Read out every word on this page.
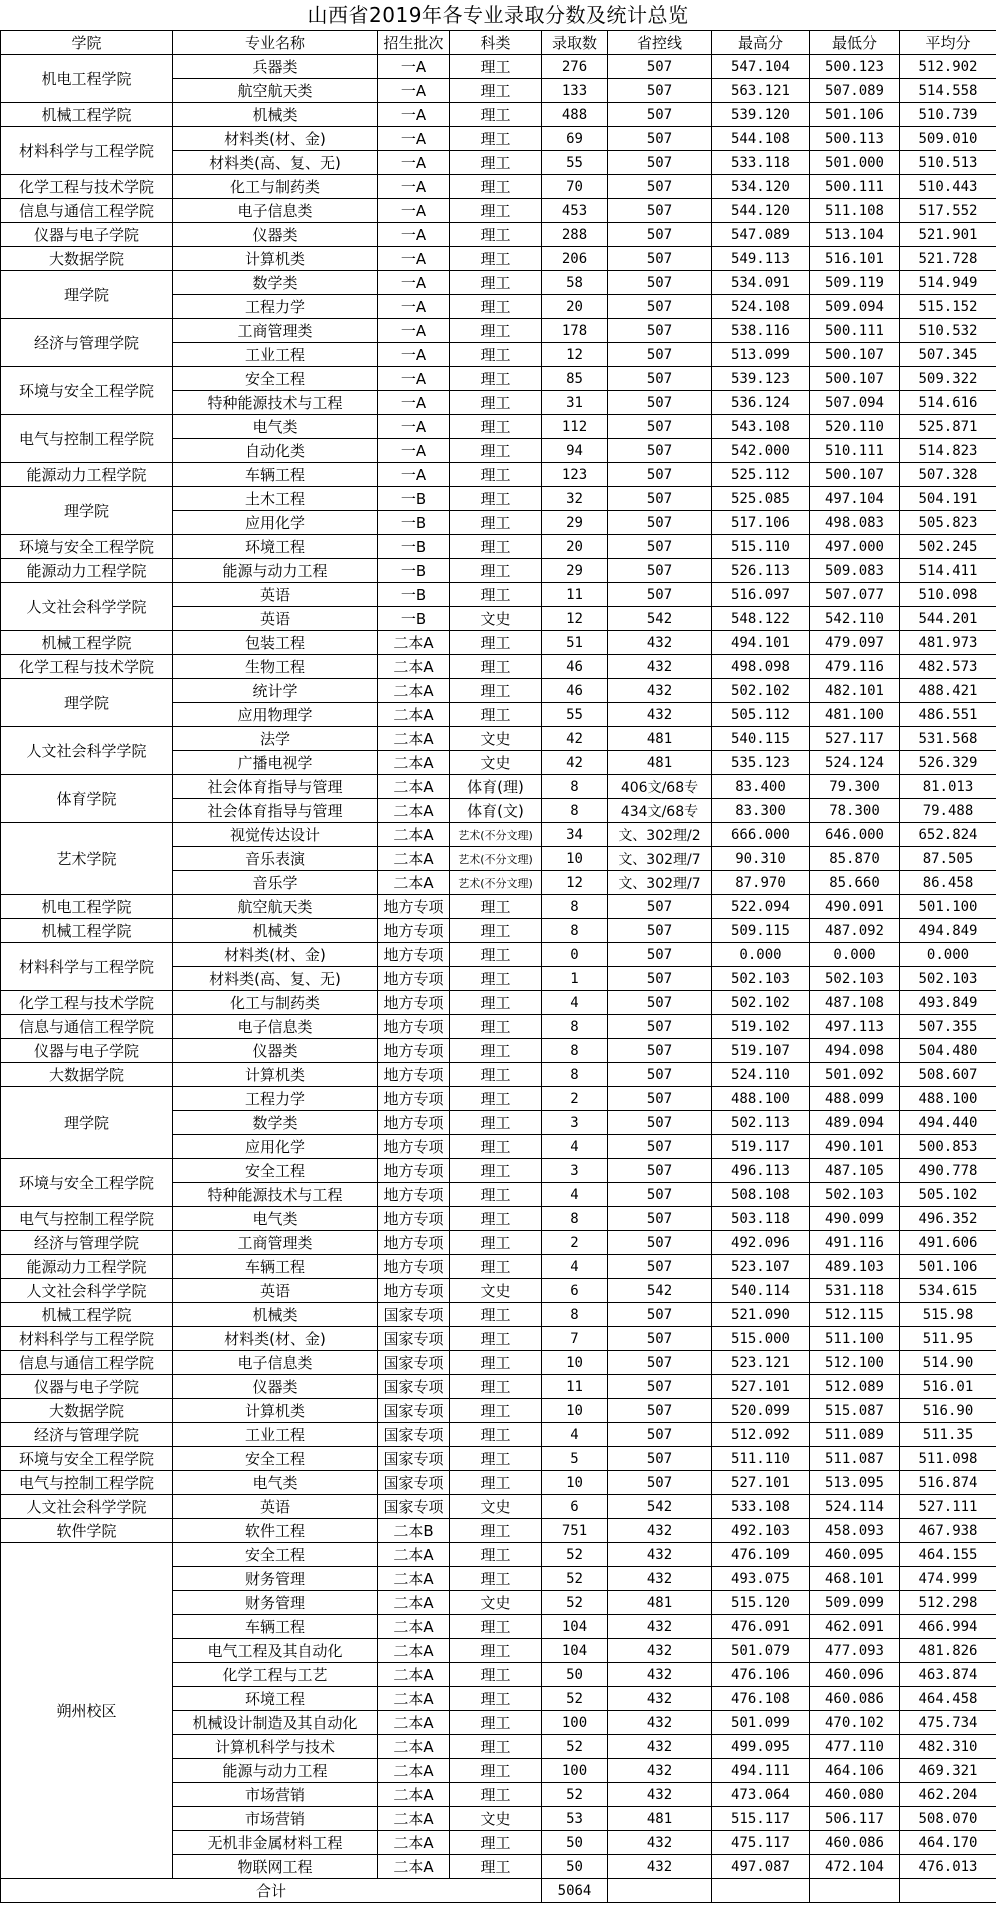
山西省2019年各专业录取分数及统计总览
学院	专业名称	招生批次	科类	录取数	省控线	最高分	最低分	平均分
机电工程学院	兵器类	一A	理工	276	507	547.104	500.123	512.902
	航空航天类	一A	理工	133	507	563.121	507.089	514.558
机械工程学院	机械类	一A	理工	488	507	539.120	501.106	510.739
材料科学与工程学院	材料类(材、金)	一A	理工	69	507	544.108	500.113	509.010
	材料类(高、复、无)	一A	理工	55	507	533.118	501.000	510.513
化学工程与技术学院	化工与制药类	一A	理工	70	507	534.120	500.111	510.443
信息与通信工程学院	电子信息类	一A	理工	453	507	544.120	511.108	517.552
仪器与电子学院	仪器类	一A	理工	288	507	547.089	513.104	521.901
大数据学院	计算机类	一A	理工	206	507	549.113	516.101	521.728
理学院	数学类	一A	理工	58	507	534.091	509.119	514.949
	工程力学	一A	理工	20	507	524.108	509.094	515.152
经济与管理学院	工商管理类	一A	理工	178	507	538.116	500.111	510.532
	工业工程	一A	理工	12	507	513.099	500.107	507.345
环境与安全工程学院	安全工程	一A	理工	85	507	539.123	500.107	509.322
	特种能源技术与工程	一A	理工	31	507	536.124	507.094	514.616
电气与控制工程学院	电气类	一A	理工	112	507	543.108	520.110	525.871
	自动化类	一A	理工	94	507	542.000	510.111	514.823
能源动力工程学院	车辆工程	一A	理工	123	507	525.112	500.107	507.328
理学院	土木工程	一B	理工	32	507	525.085	497.104	504.191
	应用化学	一B	理工	29	507	517.106	498.083	505.823
环境与安全工程学院	环境工程	一B	理工	20	507	515.110	497.000	502.245
能源动力工程学院	能源与动力工程	一B	理工	29	507	526.113	509.083	514.411
人文社会科学学院	英语	一B	理工	11	507	516.097	507.077	510.098
	英语	一B	文史	12	542	548.122	542.110	544.201
机械工程学院	包装工程	二本A	理工	51	432	494.101	479.097	481.973
化学工程与技术学院	生物工程	二本A	理工	46	432	498.098	479.116	482.573
理学院	统计学	二本A	理工	46	432	502.102	482.101	488.421
	应用物理学	二本A	理工	55	432	505.112	481.100	486.551
人文社会科学学院	法学	二本A	文史	42	481	540.115	527.117	531.568
	广播电视学	二本A	文史	42	481	535.123	524.124	526.329
体育学院	社会体育指导与管理	二本A	体育(理)	8	406文/68专	83.400	79.300	81.013
	社会体育指导与管理	二本A	体育(文)	8	434文/68专	83.300	78.300	79.488
艺术学院	视觉传达设计	二本A	艺术(不分文理)	34	文、302理/2	666.000	646.000	652.824
	音乐表演	二本A	艺术(不分文理)	10	文、302理/7	90.310	85.870	87.505
	音乐学	二本A	艺术(不分文理)	12	文、302理/7	87.970	85.660	86.458
机电工程学院	航空航天类	地方专项	理工	8	507	522.094	490.091	501.100
机械工程学院	机械类	地方专项	理工	8	507	509.115	487.092	494.849
材料科学与工程学院	材料类(材、金)	地方专项	理工	0	507	0.000	0.000	0.000
	材料类(高、复、无)	地方专项	理工	1	507	502.103	502.103	502.103
化学工程与技术学院	化工与制药类	地方专项	理工	4	507	502.102	487.108	493.849
信息与通信工程学院	电子信息类	地方专项	理工	8	507	519.102	497.113	507.355
仪器与电子学院	仪器类	地方专项	理工	8	507	519.107	494.098	504.480
大数据学院	计算机类	地方专项	理工	8	507	524.110	501.092	508.607
理学院	工程力学	地方专项	理工	2	507	488.100	488.099	488.100
	数学类	地方专项	理工	3	507	502.113	489.094	494.440
	应用化学	地方专项	理工	4	507	519.117	490.101	500.853
环境与安全工程学院	安全工程	地方专项	理工	3	507	496.113	487.105	490.778
	特种能源技术与工程	地方专项	理工	4	507	508.108	502.103	505.102
电气与控制工程学院	电气类	地方专项	理工	8	507	503.118	490.099	496.352
经济与管理学院	工商管理类	地方专项	理工	2	507	492.096	491.116	491.606
能源动力工程学院	车辆工程	地方专项	理工	4	507	523.107	489.103	501.106
人文社会科学学院	英语	地方专项	文史	6	542	540.114	531.118	534.615
机械工程学院	机械类	国家专项	理工	8	507	521.090	512.115	515.98
材料科学与工程学院	材料类(材、金)	国家专项	理工	7	507	515.000	511.100	511.95
信息与通信工程学院	电子信息类	国家专项	理工	10	507	523.121	512.100	514.90
仪器与电子学院	仪器类	国家专项	理工	11	507	527.101	512.089	516.01
大数据学院	计算机类	国家专项	理工	10	507	520.099	515.087	516.90
经济与管理学院	工业工程	国家专项	理工	4	507	512.092	511.089	511.35
环境与安全工程学院	安全工程	国家专项	理工	5	507	511.110	511.087	511.098
电气与控制工程学院	电气类	国家专项	理工	10	507	527.101	513.095	516.874
人文社会科学学院	英语	国家专项	文史	6	542	533.108	524.114	527.111
软件学院	软件工程	二本B	理工	751	432	492.103	458.093	467.938
朔州校区	安全工程	二本A	理工	52	432	476.109	460.095	464.155
	财务管理	二本A	理工	52	432	493.075	468.101	474.999
	财务管理	二本A	文史	52	481	515.120	509.099	512.298
	车辆工程	二本A	理工	104	432	476.091	462.091	466.994
	电气工程及其自动化	二本A	理工	104	432	501.079	477.093	481.826
	化学工程与工艺	二本A	理工	50	432	476.106	460.096	463.874
	环境工程	二本A	理工	52	432	476.108	460.086	464.458
	机械设计制造及其自动化	二本A	理工	100	432	501.099	470.102	475.734
	计算机科学与技术	二本A	理工	52	432	499.095	477.110	482.310
	能源与动力工程	二本A	理工	100	432	494.111	464.106	469.321
	市场营销	二本A	理工	52	432	473.064	460.080	462.204
	市场营销	二本A	文史	53	481	515.117	506.117	508.070
	无机非金属材料工程	二本A	理工	50	432	475.117	460.086	464.170
	物联网工程	二本A	理工	50	432	497.087	472.104	476.013
合计				5064				
